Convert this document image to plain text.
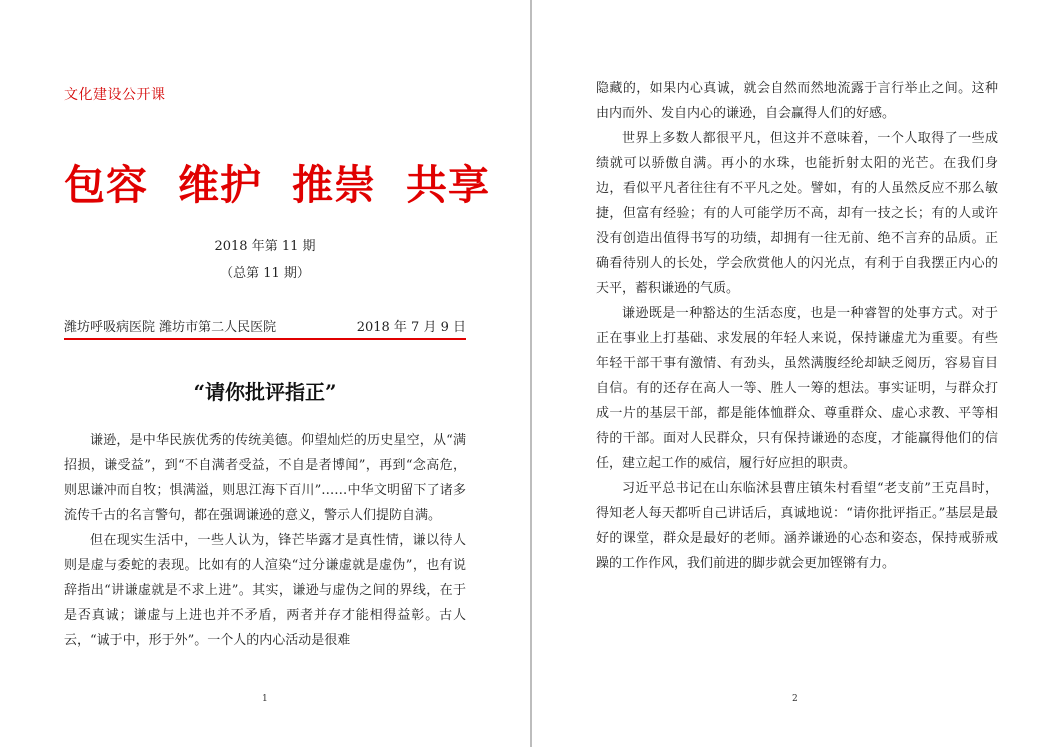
文化建设公开课
包容 维护 推崇 共享
2018 年第 11 期
（总第 11 期）
潍坊呼吸病医院 潍坊市第二人民医院	2018 年 7 月 9 日
“请你批评指正”

谦逊，是中华民族优秀的传统美德。仰望灿烂的历史星空，从“满招损，谦受益”，到“不自满者受益，不自是者博闻”，再到“念高危，则思谦冲而自牧；惧满溢，则思江海下百川”……中华文明留下了诸多流传千古的名言警句，都在强调谦逊的意义，警示人们提防自满。

但在现实生活中，一些人认为，锋芒毕露才是真性情，谦以待人则是虚与委蛇的表现。比如有的人渲染“过分谦虚就是虚伪”，也有说辞指出“讲谦虚就是不求上进”。其实，谦逊与虚伪之间的界线，在于是否真诚；谦虚与上进也并不矛盾，两者并存才能相得益彰。古人云，“诚于中，形于外”。一个人的内心活动是很难

1

隐藏的，如果内心真诚，就会自然而然地流露于言行举止之间。这种由内而外、发自内心的谦逊，自会赢得人们的好感。

世界上多数人都很平凡，但这并不意味着，一个人取得了一些成绩就可以骄傲自满。再小的水珠，也能折射太阳的光芒。在我们身边，看似平凡者往往有不平凡之处。譬如，有的人虽然反应不那么敏捷，但富有经验；有的人可能学历不高，却有一技之长；有的人或许没有创造出值得书写的功绩，却拥有一往无前、绝不言弃的品质。正确看待别人的长处，学会欣赏他人的闪光点，有利于自我摆正内心的天平，蓄积谦逊的气质。

谦逊既是一种豁达的生活态度，也是一种睿智的处事方式。对于正在事业上打基础、求发展的年轻人来说，保持谦虚尤为重要。有些年轻干部干事有激情、有劲头，虽然满腹经纶却缺乏阅历，容易盲目自信。有的还存在高人一等、胜人一筹的想法。事实证明，与群众打成一片的基层干部，都是能体恤群众、尊重群众、虚心求教、平等相待的干部。面对人民群众，只有保持谦逊的态度，才能赢得他们的信任，建立起工作的威信，履行好应担的职责。

习近平总书记在山东临沭县曹庄镇朱村看望“老支前”王克昌时，得知老人每天都听自己讲话后，真诚地说：“请你批评指正。”基层是最好的课堂，群众是最好的老师。涵养谦逊的心态和姿态，保持戒骄戒躁的工作作风，我们前进的脚步就会更加铿锵有力。

2
